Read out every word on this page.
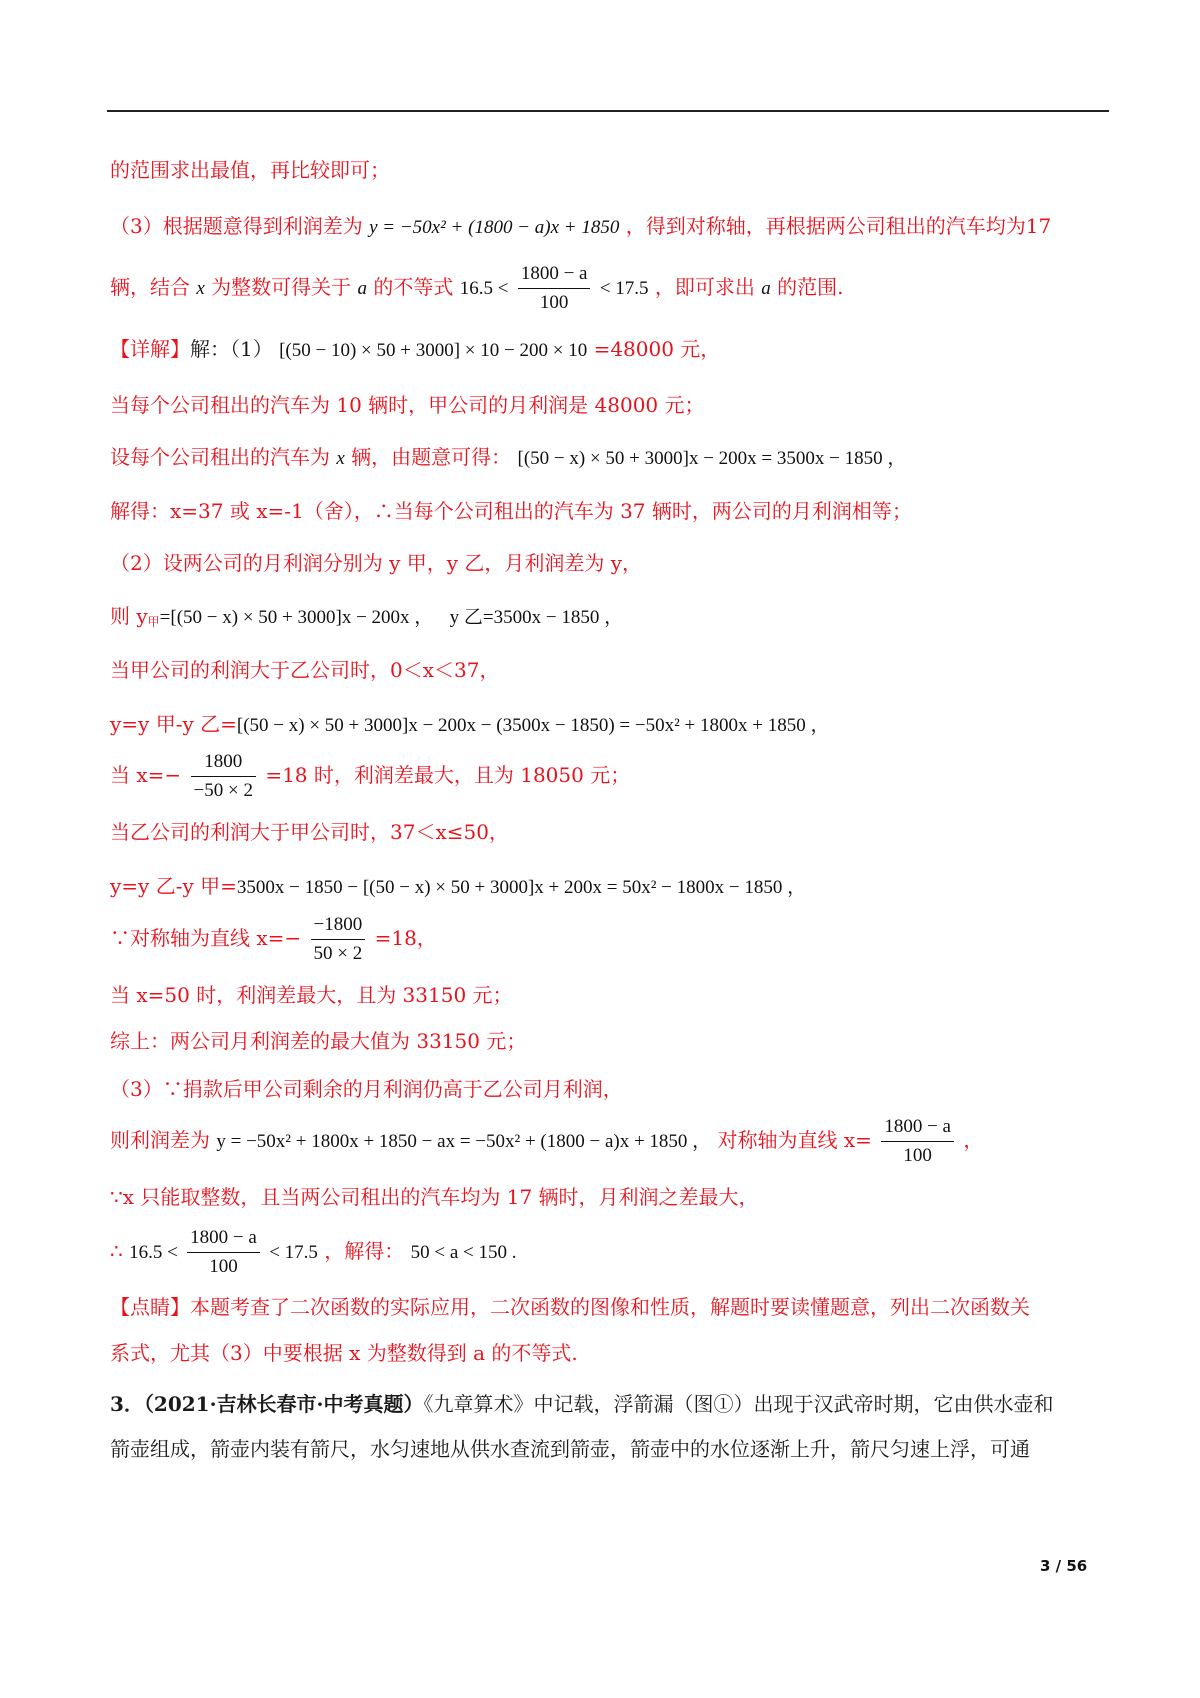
的范围求出最值，再比较即可；
（3）根据题意得到利润差为 y = −50x² + (1800 − a)x + 1850 ，得到对称轴，再根据两公司租出的汽车均为17
辆，结合 x 为整数可得关于 a 的不等式 $16.5 < \frac{1800 - a}{100} < 17.5$ ，即可求出 a 的范围.
【详解】解：（1） [(50 − 10) × 50 + 3000] × 10 − 200 × 10 =48000 元，
当每个公司租出的汽车为 10 辆时，甲公司的月利润是 48000 元；
设每个公司租出的汽车为 x 辆，由题意可得： [(50 − x) × 50 + 3000]x − 200x = 3500x − 1850 ，
解得：x=37 或 x=-1（舍），∴当每个公司租出的汽车为 37 辆时，两公司的月利润相等；
（2）设两公司的月利润分别为 y 甲，y 乙，月利润差为 y，
则 $y_甲=[(50 - x) \times 50 + 3000]x - 200x$ ， y 乙=3500x − 1850 ，
当甲公司的利润大于乙公司时，0＜x＜37，
y=y 甲-y 乙=[(50 − x) × 50 + 3000]x − 200x − (3500x − 1850) = −50x² + 1800x + 1850 ，
当 $x=- \frac{1800}{-50 \times 2} =18$ 时，利润差最大，且为 18050 元；
当乙公司的利润大于甲公司时，37＜x≤50，
y=y 乙-y 甲=3500x − 1850 − [(50 − x) × 50 + 3000]x + 200x = 50x² − 1800x − 1850 ，
∵对称轴为直线 $x=- \frac{-1800}{50 \times 2} =18$，
当 x=50 时，利润差最大，且为 33150 元；
综上：两公司月利润差的最大值为 33150 元；
（3）∵捐款后甲公司剩余的月利润仍高于乙公司月利润，
则利润差为 y = −50x² + 1800x + 1850 − ax = −50x² + (1800 − a)x + 1850 ， 对称轴为直线 $x= \frac{1800 - a}{100}$ ，
∵x 只能取整数，且当两公司租出的汽车均为 17 辆时，月利润之差最大，
∴ $16.5 < \frac{1800 - a}{100} < 17.5$ ，解得： 50 < a < 150 .
【点睛】本题考查了二次函数的实际应用，二次函数的图像和性质，解题时要读懂题意，列出二次函数关
系式，尤其（3）中要根据 x 为整数得到 a 的不等式.
3．（2021·吉林长春市·中考真题）《九章算术》中记载，浮箭漏（图①）出现于汉武帝时期，它由供水壶和
箭壶组成，箭壶内装有箭尺，水匀速地从供水查流到箭壶，箭壶中的水位逐渐上升，箭尺匀速上浮，可通
3 / 56
